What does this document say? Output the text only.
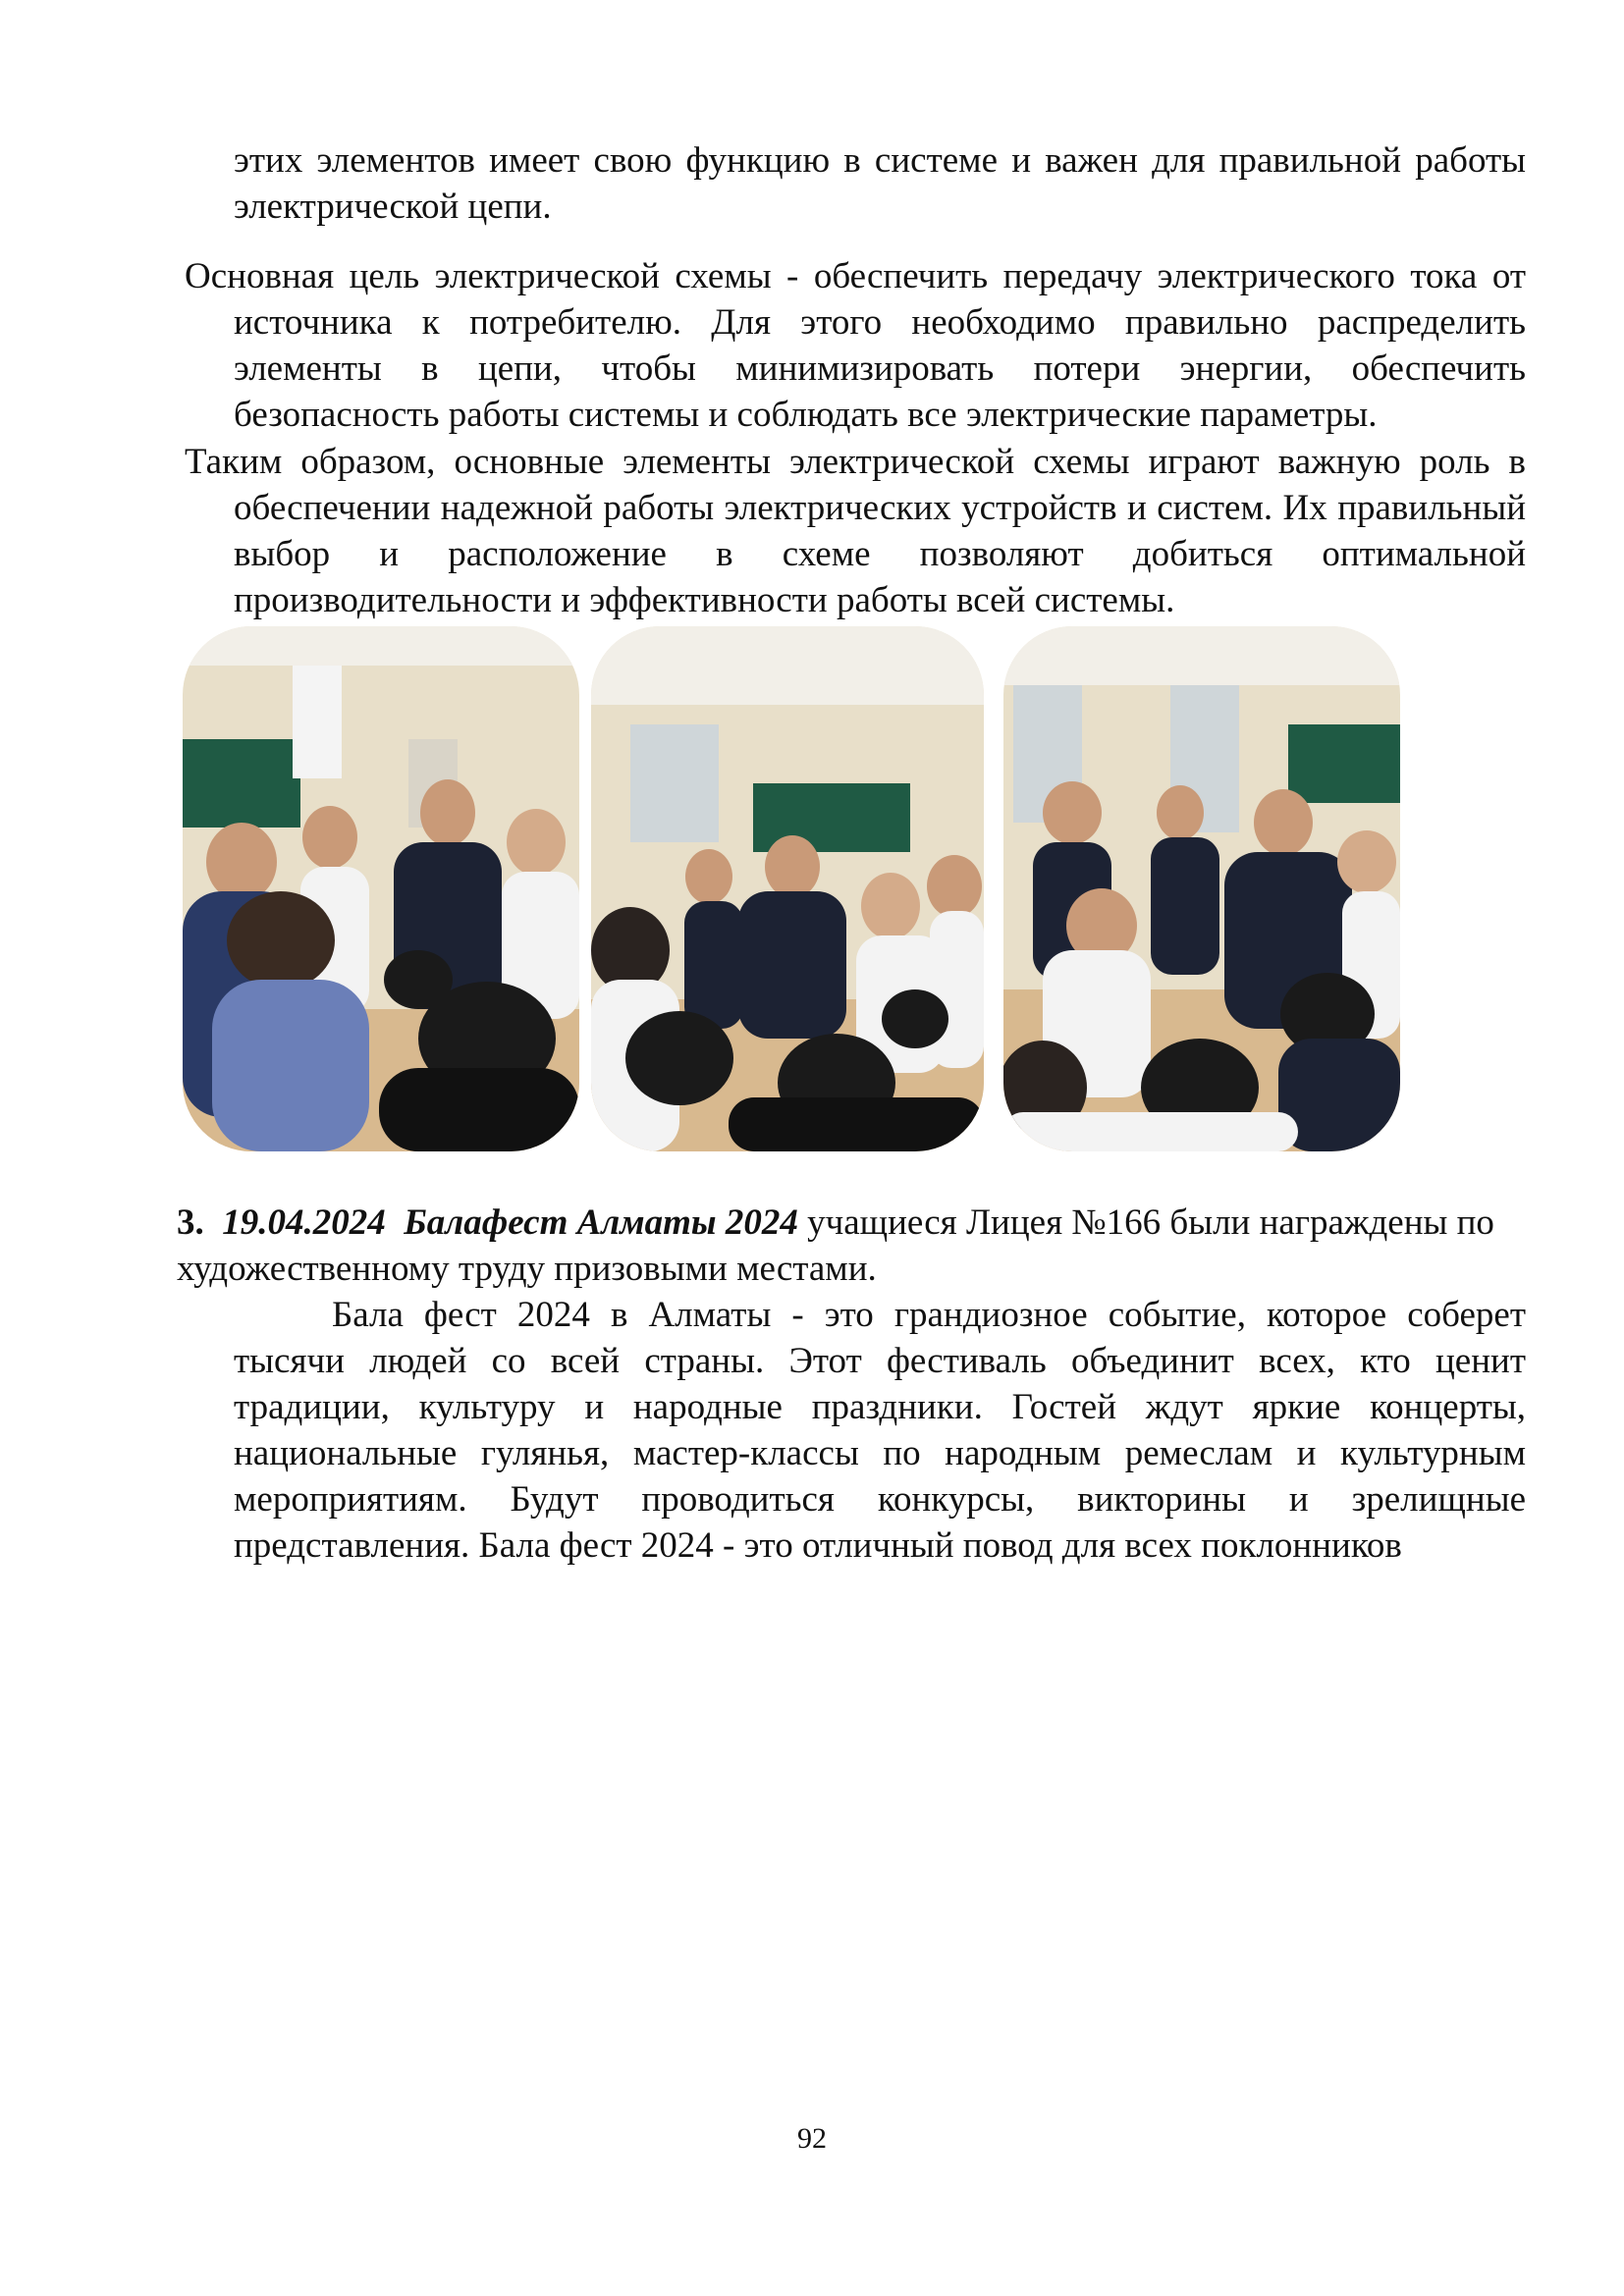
этих элементов имеет свою функцию в системе и важен для правильной работы электрической цепи.

Основная цель электрической схемы - обеспечить передачу электрического тока от источника к потребителю. Для этого необходимо правильно распределить элементы в цепи, чтобы минимизировать потери энергии, обеспечить безопасность работы системы и соблюдать все электрические параметры.

Таким образом, основные элементы электрической схемы играют важную роль в обеспечении надежной работы электрических устройств и систем. Их правильный выбор и расположение в схеме позволяют добиться оптимальной производительности и эффективности работы всей системы.

3. 19.04.2024 Балафест Алматы 2024 учащиеся Лицея №166 были награждены по художественному труду призовыми местами.

Бала фест 2024 в Алматы - это грандиозное событие, которое соберет тысячи людей со всей страны. Этот фестиваль объединит всех, кто ценит традиции, культуру и народные праздники. Гостей ждут яркие концерты, национальные гулянья, мастер-классы по народным ремеслам и культурным мероприятиям. Будут проводиться конкурсы, викторины и зрелищные представления. Бала фест 2024 - это отличный повод для всех поклонников

92
